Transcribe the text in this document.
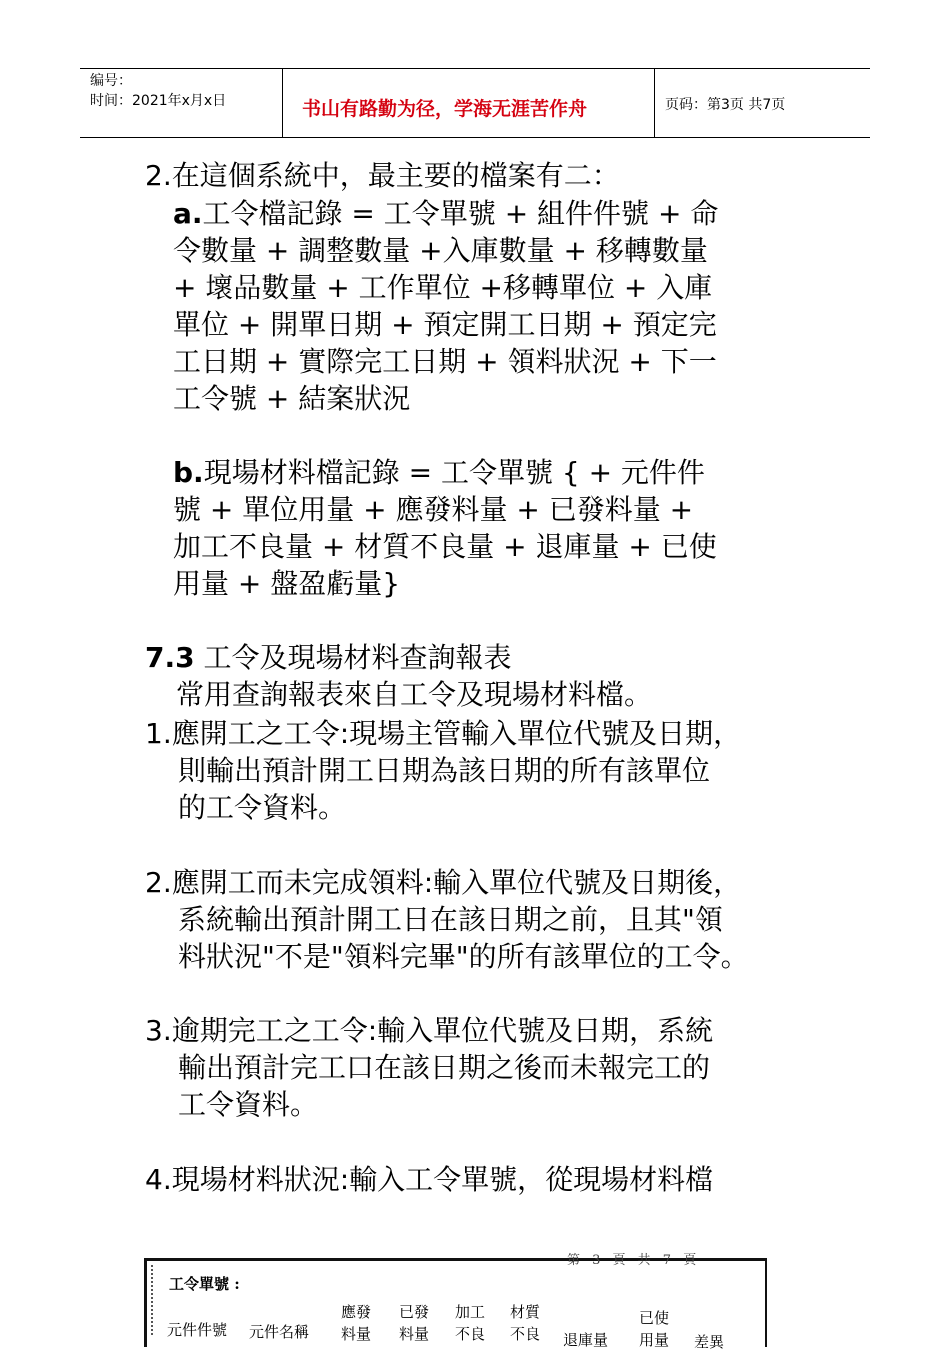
编号：
时间：2021年x月x日	书山有路勤为径，学海无涯苦作舟	页码：第3页 共7页
2.在這個系統中，最主要的檔案有二：
a.工令檔記錄 = 工令單號 + 組件件號 + 命
令數量 + 調整數量 +入庫數量 + 移轉數量
+ 壞品數量 + 工作單位 +移轉單位 + 入庫
單位 + 開單日期 + 預定開工日期 + 預定完
工日期 + 實際完工日期 + 領料狀況 + 下一
工令號 + 結案狀況
b.現場材料檔記錄 = 工令單號 { + 元件件
號 + 單位用量 + 應發料量 + 已發料量 +
加工不良量 + 材質不良量 + 退庫量 + 已使
用量 + 盤盈虧量}
7.3 工令及現場材料查詢報表
常用查詢報表來自工令及現場材料檔。
1.應開工之工令:現場主管輸入單位代號及日期，
則輸出預計開工日期為該日期的所有該單位
的工令資料。
2.應開工而未完成領料:輸入單位代號及日期後，
系統輸出預計開工日在該日期之前，且其"領
料狀況"不是"領料完畢"的所有該單位的工令。
3.逾期完工之工令:輸入單位代號及日期，系統
輸出預計完工口在該日期之後而未報完工的
工令資料。
4.現場材料狀況:輸入工令單號，從現場材料檔
第 3 頁 共 7 頁
工令單號 :
元件件號 元件名稱
應發
料量
已發
料量
加工
不良
材質
不良 退庫量
已使
用量 差異
